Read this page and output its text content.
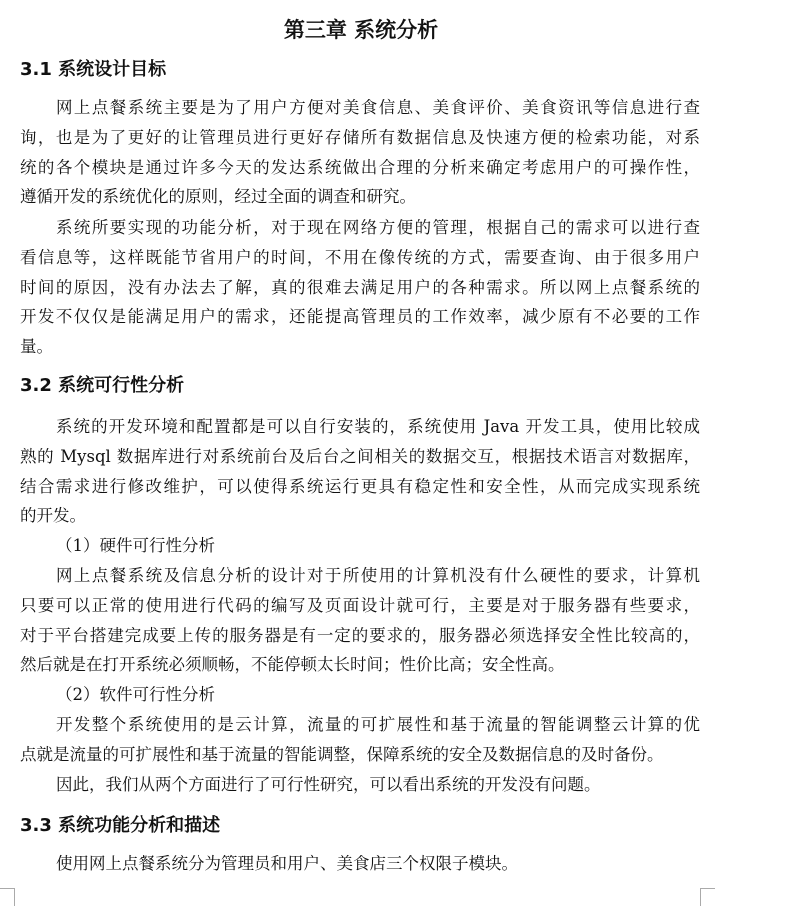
第三章 系统分析
3.1 系统设计目标
网上点餐系统主要是为了用户方便对美食信息、美食评价、美食资讯等信息进行查
询，也是为了更好的让管理员进行更好存储所有数据信息及快速方便的检索功能，对系
统的各个模块是通过许多今天的发达系统做出合理的分析来确定考虑用户的可操作性，
遵循开发的系统优化的原则，经过全面的调查和研究。
系统所要实现的功能分析，对于现在网络方便的管理，根据自己的需求可以进行查
看信息等，这样既能节省用户的时间，不用在像传统的方式，需要查询、由于很多用户
时间的原因，没有办法去了解，真的很难去满足用户的各种需求。所以网上点餐系统的
开发不仅仅是能满足用户的需求，还能提高管理员的工作效率，减少原有不必要的工作
量。
3.2 系统可行性分析
系统的开发环境和配置都是可以自行安装的，系统使用 Java 开发工具，使用比较成
熟的 Mysql 数据库进行对系统前台及后台之间相关的数据交互，根据技术语言对数据库，
结合需求进行修改维护，可以使得系统运行更具有稳定性和安全性，从而完成实现系统
的开发。
（1）硬件可行性分析
网上点餐系统及信息分析的设计对于所使用的计算机没有什么硬性的要求，计算机
只要可以正常的使用进行代码的编写及页面设计就可行，主要是对于服务器有些要求，
对于平台搭建完成要上传的服务器是有一定的要求的，服务器必须选择安全性比较高的，
然后就是在打开系统必须顺畅，不能停顿太长时间；性价比高；安全性高。
（2）软件可行性分析
开发整个系统使用的是云计算，流量的可扩展性和基于流量的智能调整云计算的优
点就是流量的可扩展性和基于流量的智能调整，保障系统的安全及数据信息的及时备份。
因此，我们从两个方面进行了可行性研究，可以看出系统的开发没有问题。
3.3 系统功能分析和描述
使用网上点餐系统分为管理员和用户、美食店三个权限子模块。
